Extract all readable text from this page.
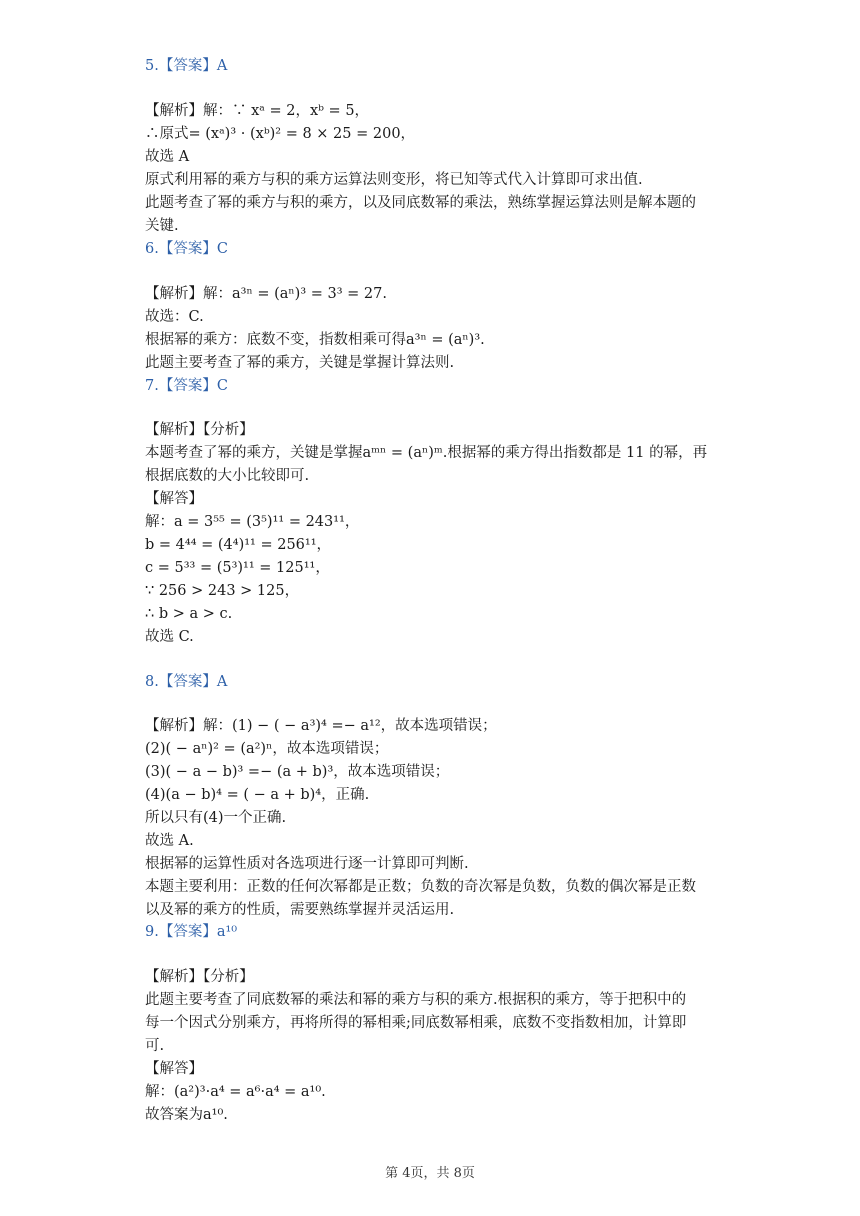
5.【答案】A
【解析】解：∵ xᵃ = 2，xᵇ = 5，
∴原式= (xᵃ)³ · (xᵇ)² = 8 × 25 = 200，
故选 A
原式利用幂的乘方与积的乘方运算法则变形，将已知等式代入计算即可求出值.
此题考查了幂的乘方与积的乘方，以及同底数幂的乘法，熟练掌握运算法则是解本题的
关键.
6.【答案】C
【解析】解：a³ⁿ = (aⁿ)³ = 3³ = 27.
故选：C.
根据幂的乘方：底数不变，指数相乘可得a³ⁿ = (aⁿ)³.
此题主要考查了幂的乘方，关键是掌握计算法则.
7.【答案】C
【解析】【分析】
本题考查了幂的乘方，关键是掌握aᵐⁿ = (aⁿ)ᵐ.根据幂的乘方得出指数都是 11 的幂，再
根据底数的大小比较即可.
【解答】
解：a = 3⁵⁵ = (3⁵)¹¹ = 243¹¹，
b = 4⁴⁴ = (4⁴)¹¹ = 256¹¹，
c = 5³³ = (5³)¹¹ = 125¹¹，
∵ 256 > 243 > 125，
∴ b > a > c.
故选 C.
8.【答案】A
【解析】解：(1) − ( − a³)⁴ =− a¹²，故本选项错误；
(2)( − aⁿ)² = (a²)ⁿ，故本选项错误；
(3)( − a − b)³ =− (a + b)³，故本选项错误；
(4)(a − b)⁴ = ( − a + b)⁴，正确.
所以只有(4)一个正确.
故选 A.
根据幂的运算性质对各选项进行逐一计算即可判断.
本题主要利用：正数的任何次幂都是正数；负数的奇次幂是负数，负数的偶次幂是正数
以及幂的乘方的性质，需要熟练掌握并灵活运用.
9.【答案】a¹⁰
【解析】【分析】
此题主要考查了同底数幂的乘法和幂的乘方与积的乘方.根据积的乘方，等于把积中的
每一个因式分别乘方，再将所得的幂相乘;同底数幂相乘，底数不变指数相加，计算即
可.
【解答】
解：(a²)³·a⁴ = a⁶·a⁴ = a¹⁰.
故答案为a¹⁰.
第 4页，共 8页
